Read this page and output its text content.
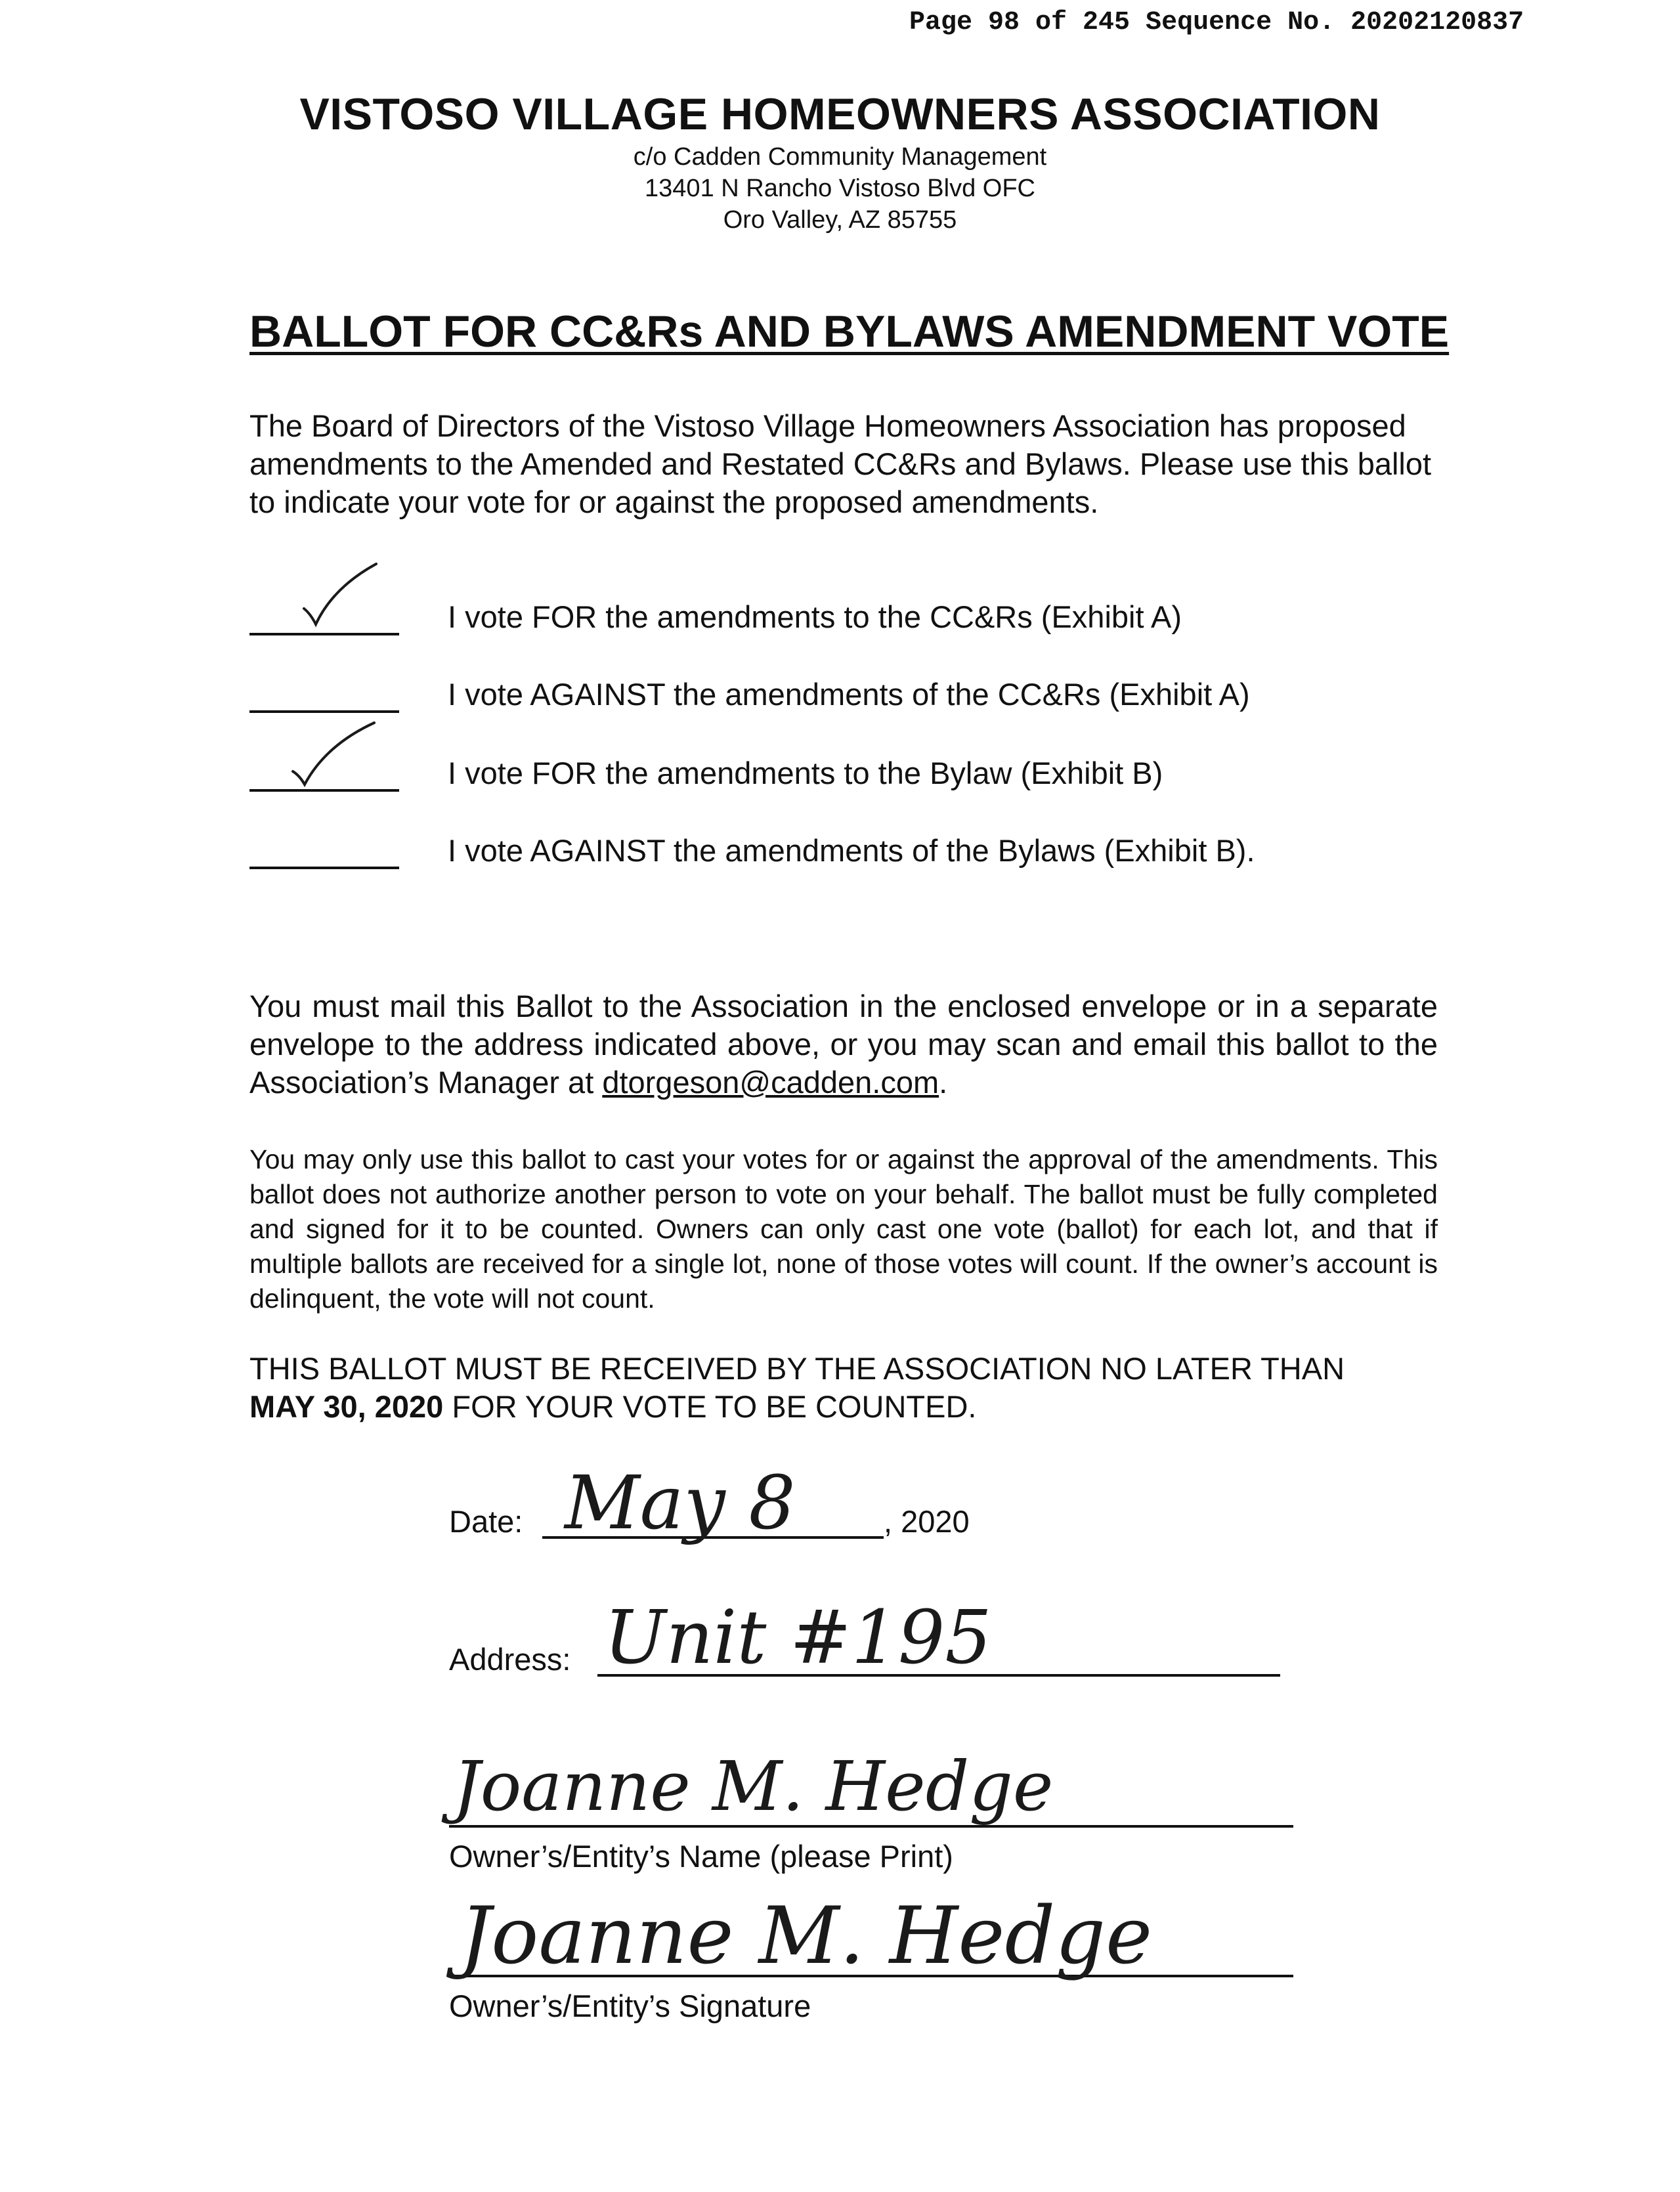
Page 98 of 245 Sequence No. 20202120837
VISTOSO VILLAGE HOMEOWNERS ASSOCIATION
c/o Cadden Community Management
13401 N Rancho Vistoso Blvd OFC
Oro Valley, AZ 85755
BALLOT FOR CC&Rs AND BYLAWS AMENDMENT VOTE
The Board of Directors of the Vistoso Village Homeowners Association has proposed amendments to the Amended and Restated CC&Rs and Bylaws. Please use this ballot to indicate your vote for or against the proposed amendments.
I vote FOR the amendments to the CC&Rs (Exhibit A)
I vote AGAINST the amendments of the CC&Rs (Exhibit A)
I vote FOR the amendments to the Bylaw (Exhibit B)
I vote AGAINST the amendments of the Bylaws (Exhibit B).
You must mail this Ballot to the Association in the enclosed envelope or in a separate envelope to the address indicated above, or you may scan and email this ballot to the Association’s Manager at dtorgeson@cadden.com.
You may only use this ballot to cast your votes for or against the approval of the amendments. This ballot does not authorize another person to vote on your behalf. The ballot must be fully completed and signed for it to be counted. Owners can only cast one vote (ballot) for each lot, and that if multiple ballots are received for a single lot, none of those votes will count. If the owner’s account is delinquent, the vote will not count.
THIS BALLOT MUST BE RECEIVED BY THE ASSOCIATION NO LATER THAN
MAY 30, 2020 FOR YOUR VOTE TO BE COUNTED.
Date: May 8	, 2020
Address: Unit #195
Joanne M. Hedge
Owner’s/Entity’s Name (please Print)
Joanne M. Hedge
Owner’s/Entity’s Signature
